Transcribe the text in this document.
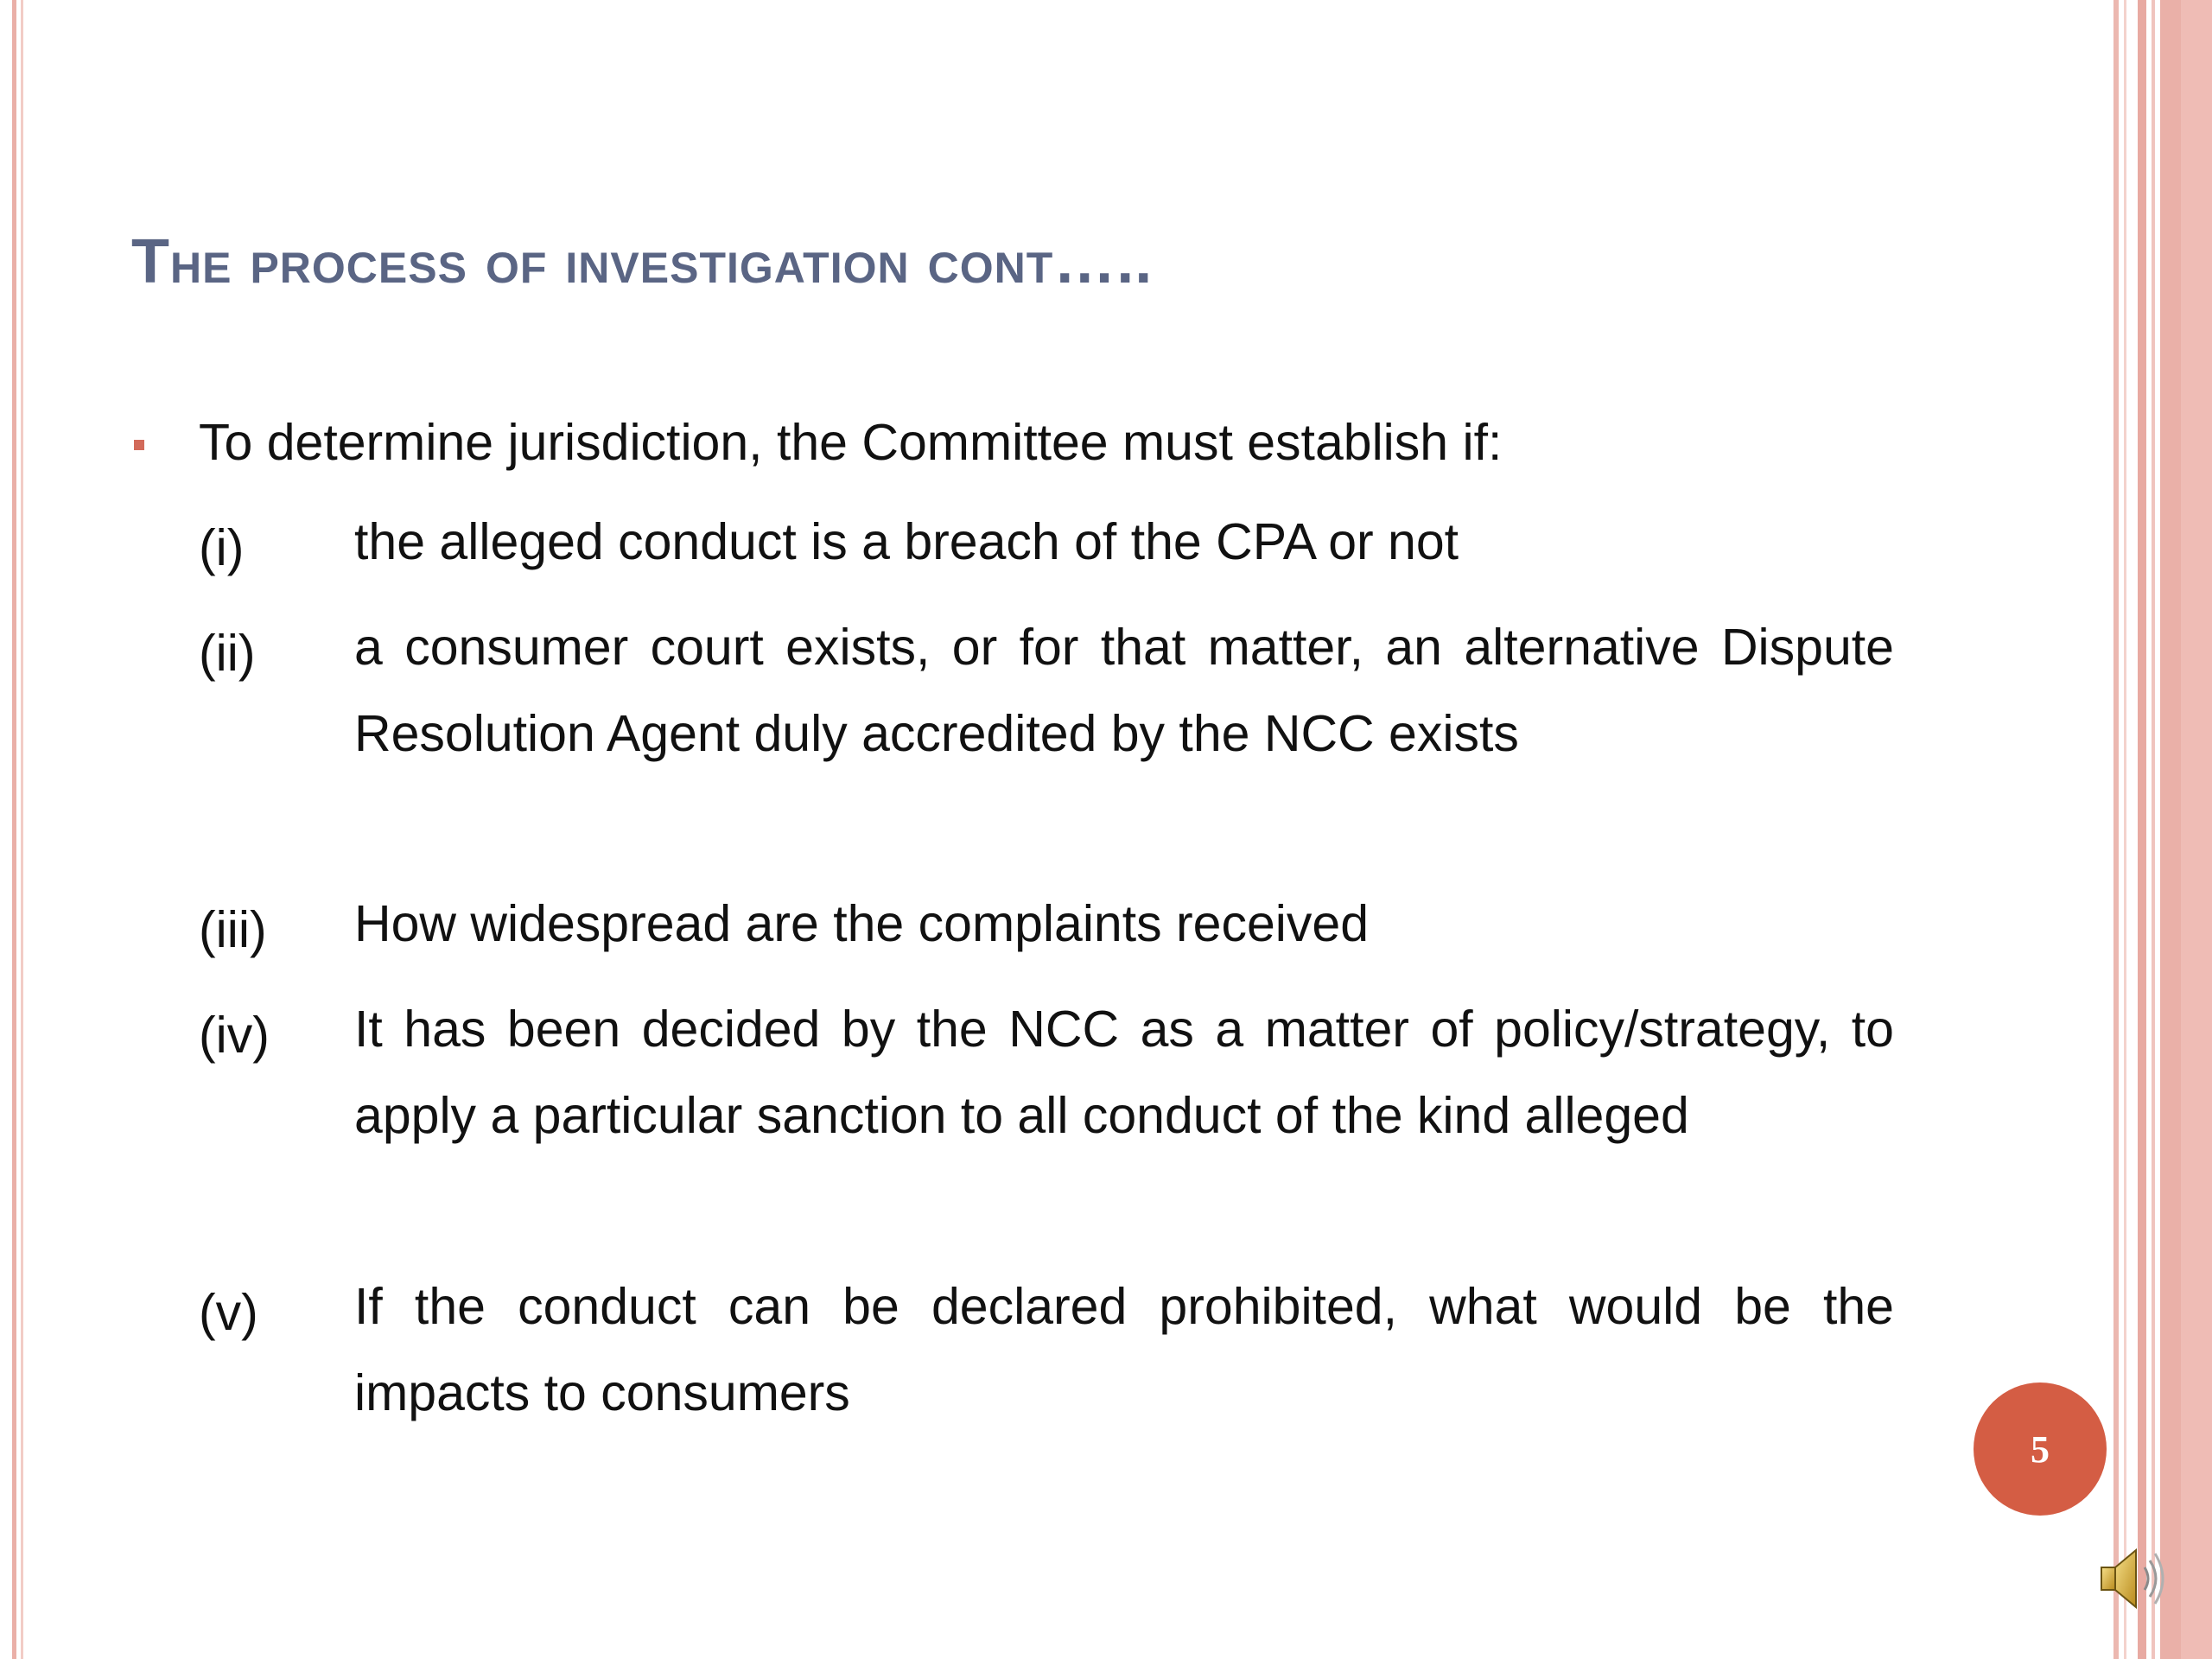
The process of investigation cont…..
To determine jurisdiction, the Committee must establish if:
(i) the alleged conduct is a breach of the CPA or not
(ii) a consumer court exists, or for that matter, an alternative Dispute Resolution Agent duly accredited by the NCC exists
(iii) How widespread are the complaints received
(iv) It has been decided by the NCC as a matter of policy/strategy, to apply a particular sanction to all conduct of the kind alleged
(v) If the conduct can be declared prohibited, what would be the impacts to consumers
5
